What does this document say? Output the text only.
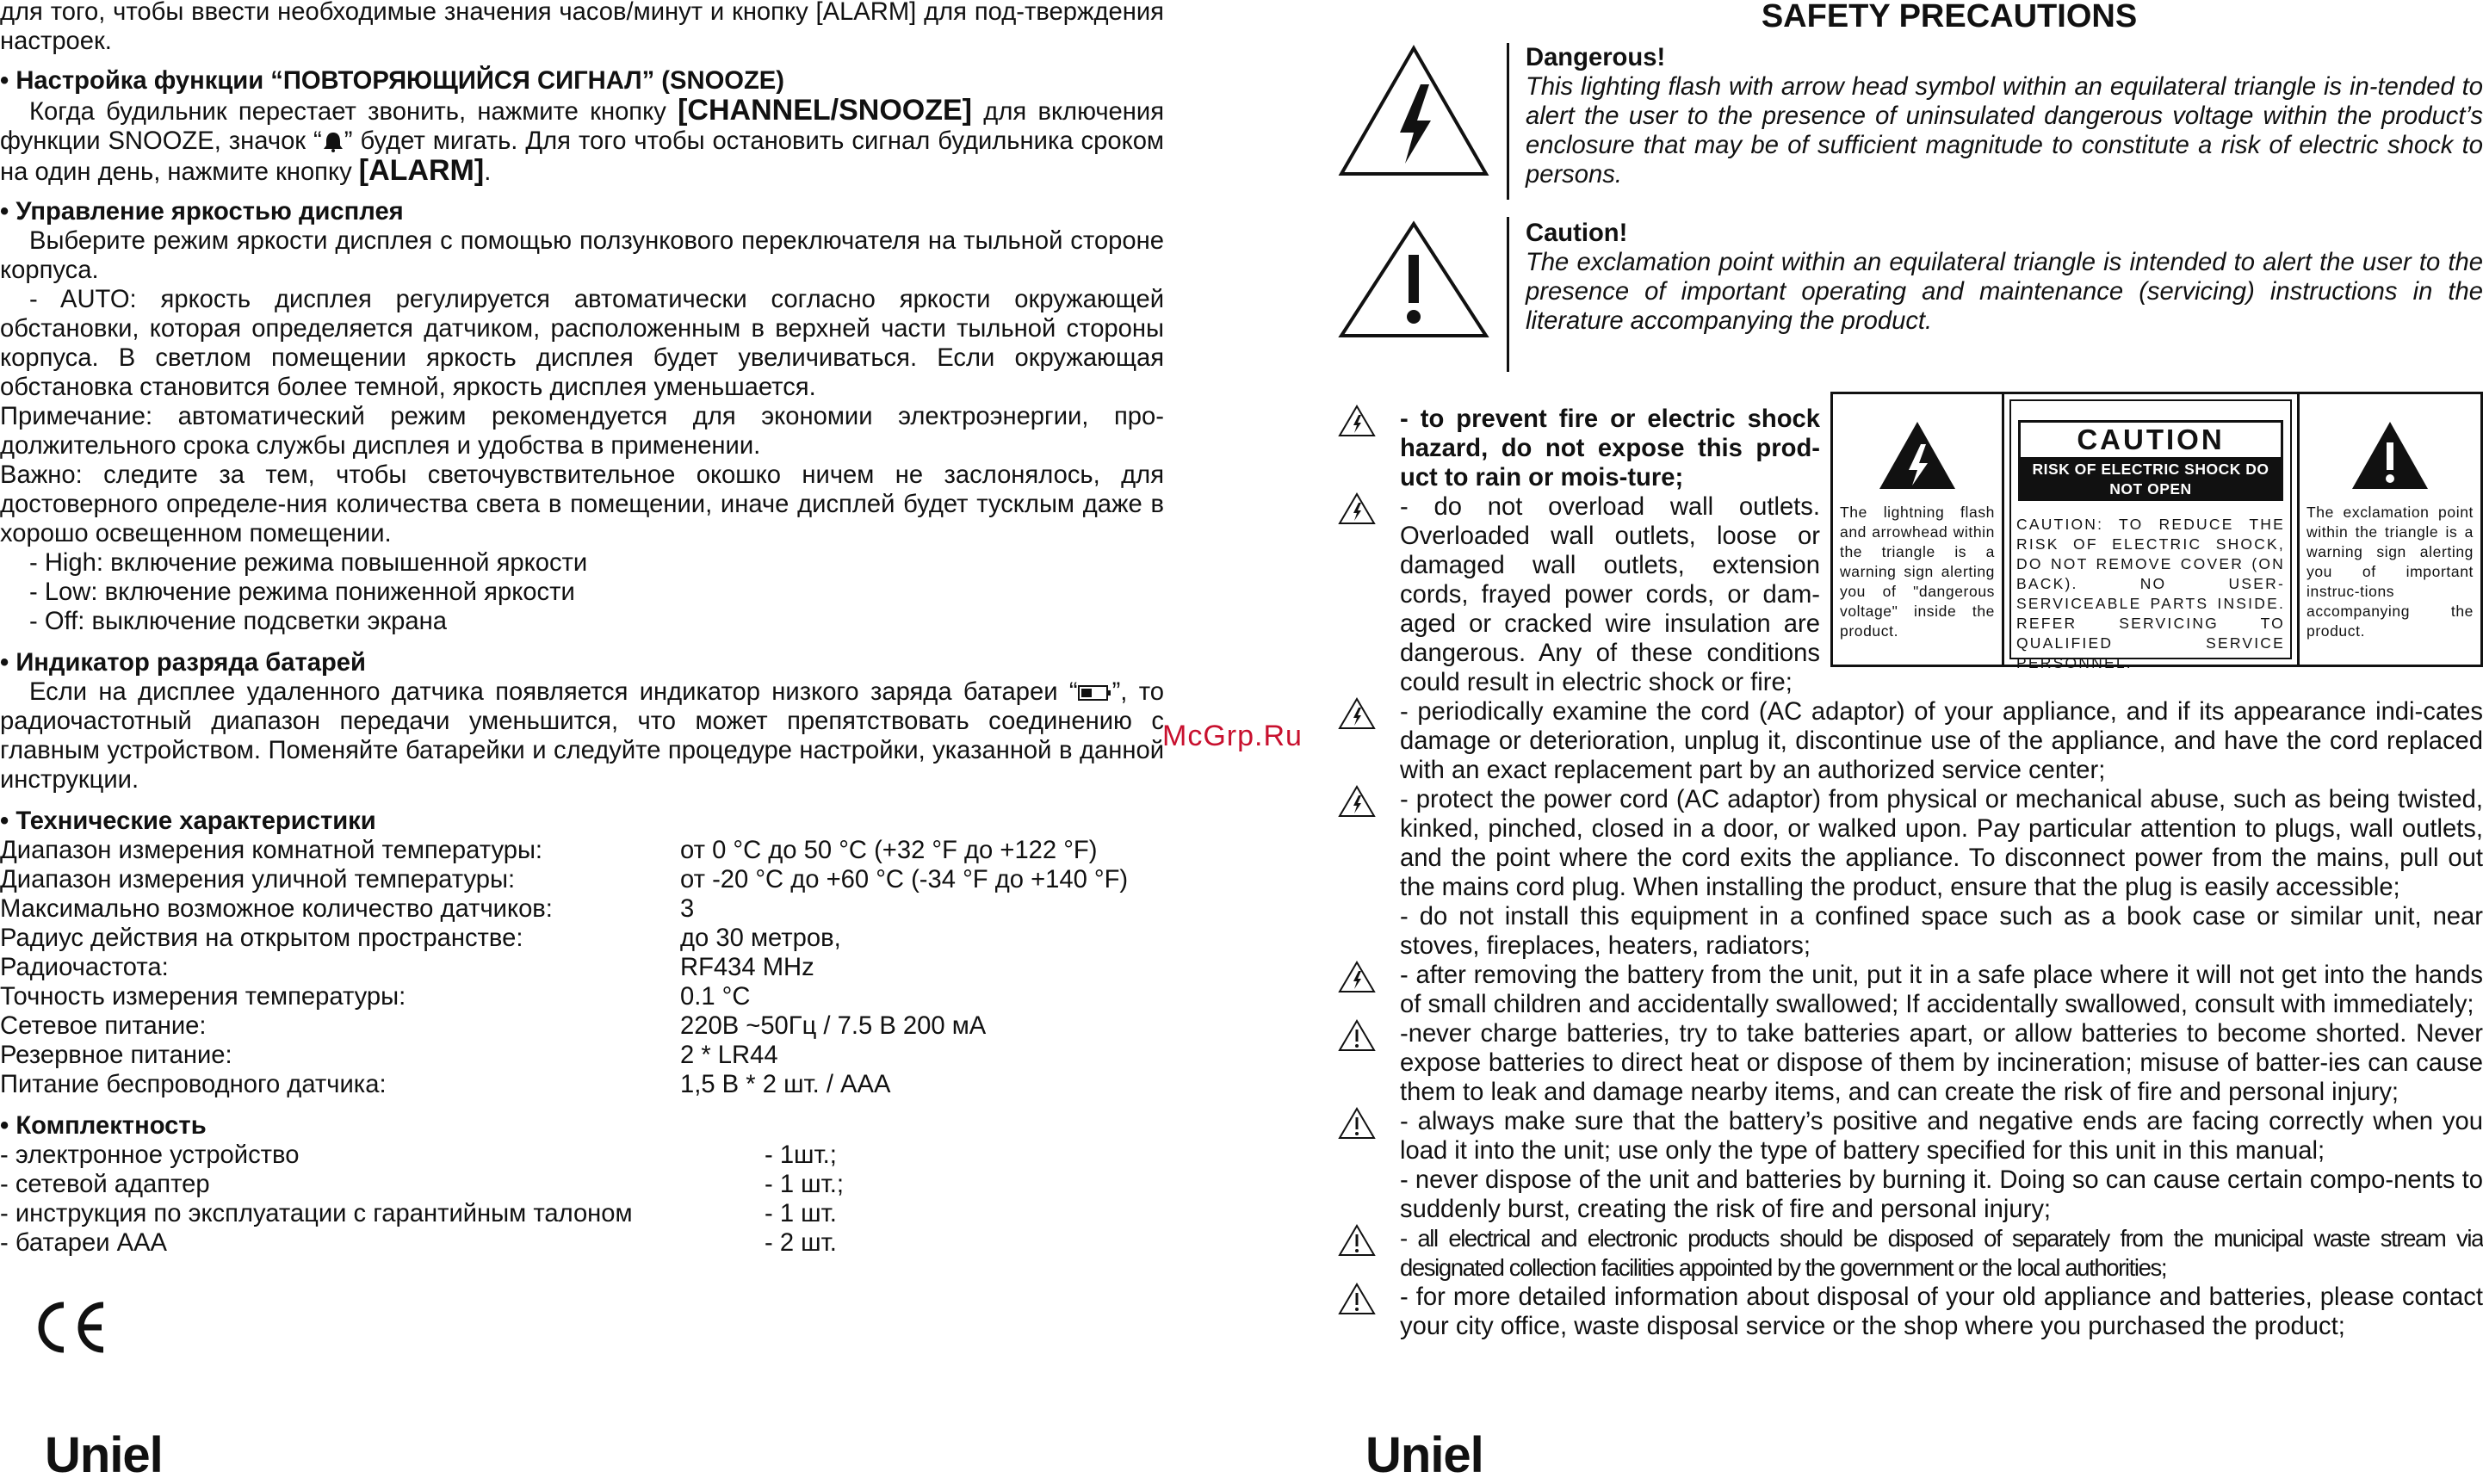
для того, чтобы ввести необходимые значения часов/минут и кнопку [ALARM] для под-тверждения настроек.

• Настройка функции “ПОВТОРЯЮЩИЙСЯ СИГНАЛ” (SNOOZE)

Когда будильник перестает звонить, нажмите кнопку [CHANNEL/SNOOZE] для включения функции SNOOZE, значок “ ” будет мигать. Для того чтобы остановить сигнал будильника сроком на один день, нажмите кнопку [ALARM].

• Управление яркостью дисплея

Выберите режим яркости дисплея с помощью ползункового переключателя на тыльной стороне корпуса.

- AUTO: яркость дисплея регулируется автоматически согласно яркости окружающей обстановки, которая определяется датчиком, расположенным в верхней части тыльной стороны корпуса. В светлом помещении яркость дисплея будет увеличиваться. Если окружающая обстановка становится более темной, яркость дисплея уменьшается.

Примечание: автоматический режим рекомендуется для экономии электроэнергии, про-должительного срока службы дисплея и удобства в применении.

Важно: следите за тем, чтобы светочувствительное окошко ничем не заслонялось, для достоверного определе-ния количества света в помещении, иначе дисплей будет тусклым даже в хорошо освещенном помещении.

- High: включение режима повышенной яркости

- Low: включение режима пониженной яркости

- Off: выключение подсветки экрана

• Индикатор разряда батарей

Если на дисплее удаленного датчика появляется индикатор низкого заряда батареи “ ”, то радиочастотный диапазон передачи уменьшится, что может препятствовать соединению с главным устройством. Поменяйте батарейки и следуйте процедуре настройки, указанной в данной инструкции.

• Технические характеристики

Диапазон измерения комнатной температуры:	от 0 °С до 50 °С (+32 °F до +122 °F)
Диапазон измерения уличной температуры:	от -20 °С до +60 °С (-34 °F до +140 °F)
Максимально возможное количество датчиков:	3
Радиус действия на открытом пространстве:	до 30 метров,
Радиочастота:	RF434 MHz
Точность измерения температуры:	0.1 °С
Сетевое питание:	220В ~50Гц / 7.5 В 200 мА
Резервное питание:	2 * LR44
Питание беспроводного датчика:	1,5 В * 2 шт. / AAA

• Комплектность

- электронное устройство	- 1шт.;
- сетевой адаптер	- 1 шт.;
- инструкция по эксплуатации с гарантийным талоном	- 1 шт.
- батареи ААА	- 2 шт.
Uniel
McGrp.Ru

SAFETY PRECAUTIONS

Dangerous!
This lighting flash with arrow head symbol within an equilateral triangle is in-tended to alert the user to the presence of uninsulated dangerous voltage within the product’s enclosure that may be of sufficient magnitude to constitute a risk of electric shock to persons.
Caution!
The exclamation point within an equilateral triangle is intended to alert the user to the presence of important operating and maintenance (servicing) instructions in the literature accompanying the product.
- to prevent fire or electric shock hazard, do not expose this prod-uct to rain or mois-ture;
- do not overload wall outlets. Overloaded wall outlets, loose or damaged wall outlets, extension cords, frayed power cords, or dam-aged or cracked wire insulation are dangerous. Any of these conditions could result in electric shock or fire;
- periodically examine the cord (AC adaptor) of your appliance, and if its appearance indi-cates damage or deterioration, unplug it, discontinue use of the appliance, and have the cord replaced with an exact replacement part by an authorized service center;
- protect the power cord (AC adaptor) from physical or mechanical abuse, such as being twisted, kinked, pinched, closed in a door, or walked upon. Pay particular attention to plugs, wall outlets, and the point where the cord exits the appliance. To disconnect power from the mains, pull out the mains cord plug. When installing the product, ensure that the plug is easily accessible;
- do not install this equipment in a confined space such as a book case or similar unit, near stoves, fireplaces, heaters, radiators;
- after removing the battery from the unit, put it in a safe place where it will not get into the hands of small children and accidentally swallowed; If accidentally swallowed, consult with immediately;
-never charge batteries, try to take batteries apart, or allow batteries to become shorted. Never expose batteries to direct heat or dispose of them by incineration; misuse of batter-ies can cause them to leak and damage nearby items, and can create the risk of fire and personal injury;
- always make sure that the battery’s positive and negative ends are facing correctly when you load it into the unit; use only the type of battery specified for this unit in this manual;
- never dispose of the unit and batteries by burning it. Doing so can cause certain compo-nents to suddenly burst, creating the risk of fire and personal injury;
- all electrical and electronic products should be disposed of separately from the municipal waste stream via designated collection facilities appointed by the government or the local authorities;
- for more detailed information about disposal of your old appliance and batteries, please contact your city office, waste disposal service or the shop where you purchased the product;
The lightning flash and arrowhead within the triangle is a warning sign alerting you of "dangerous voltage" inside the product.
CAUTION
RISK OF ELECTRIC SHOCK DO NOT OPEN
CAUTION: TO REDUCE THE RISK OF ELECTRIC SHOCK, DO NOT REMOVE COVER (ON BACK). NO USER-SERVICEABLE PARTS INSIDE. REFER SERVICING TO QUALIFIED SERVICE PERSONNEL.
The exclamation point within the triangle is a warning sign alerting you of important instruc-tions accompanying the product.
Uniel
